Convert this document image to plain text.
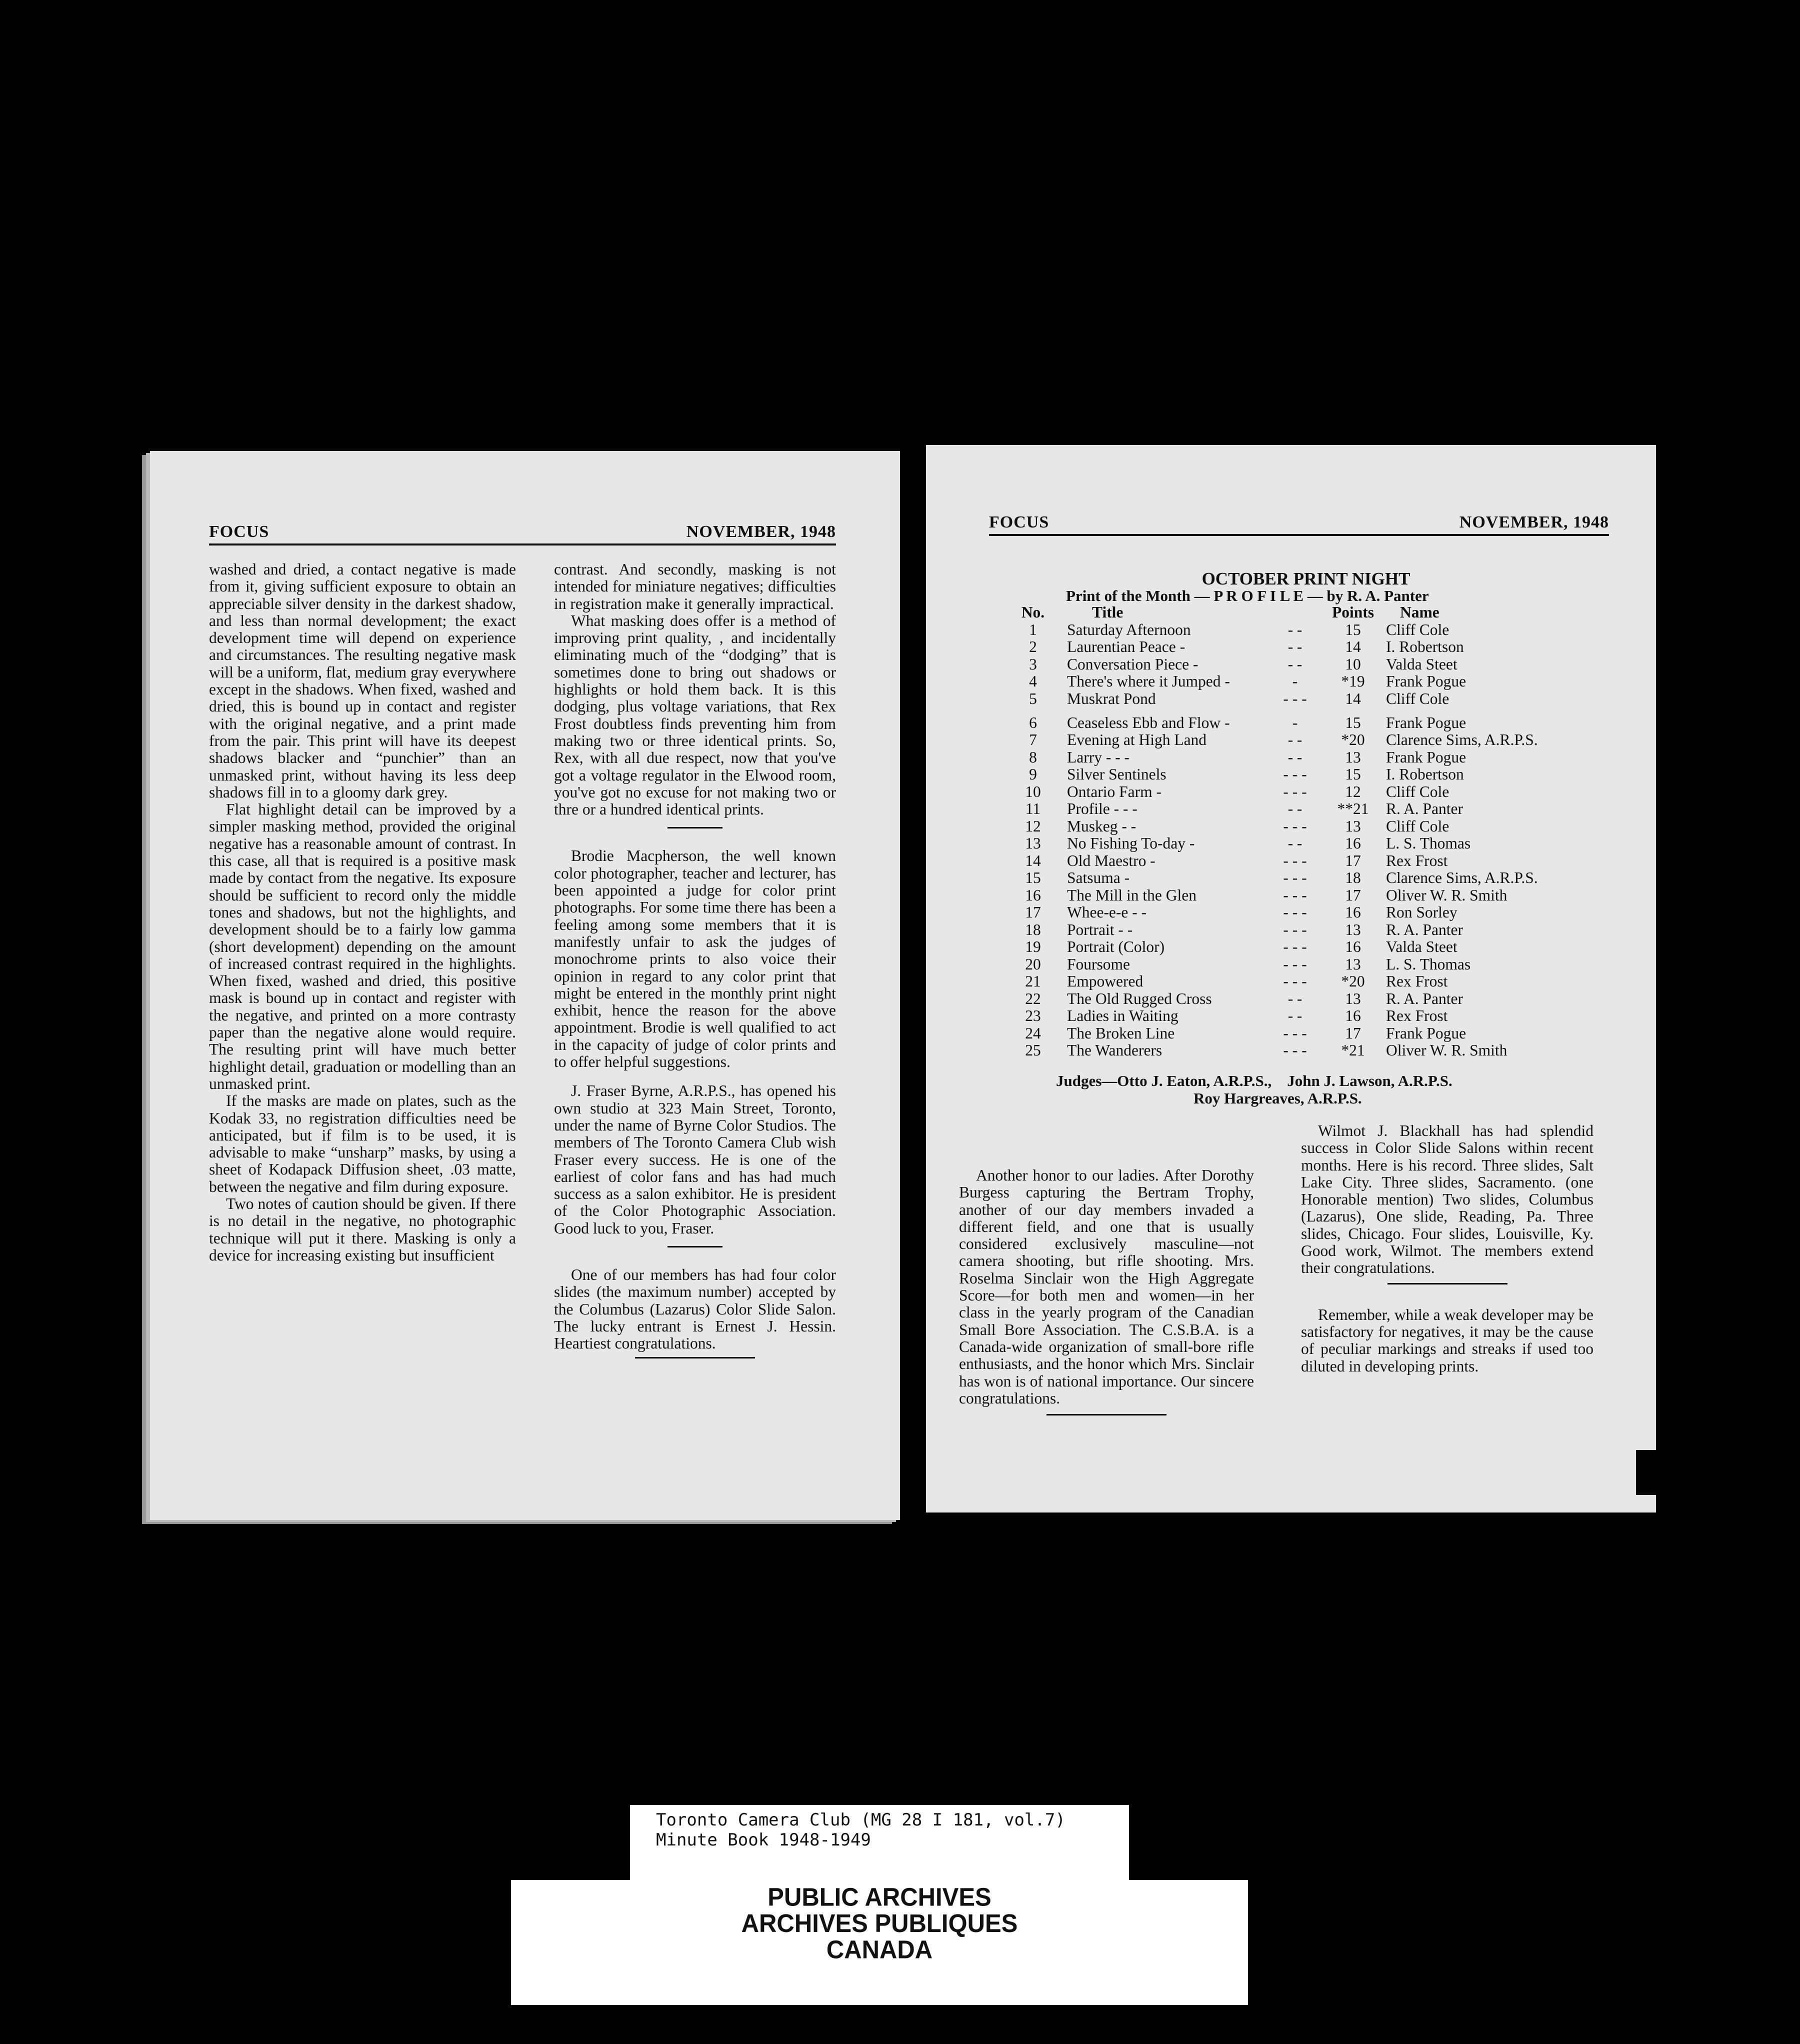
FOCUS	NOVEMBER, 1948

washed and dried, a contact negative is made from it, giving sufficient exposure to obtain an appreciable silver density in the darkest shadow, and less than normal development; the exact development time will depend on experience and circumstances. The resulting negative mask will be a uniform, flat, medium gray everywhere except in the shadows. When fixed, washed and dried, this is bound up in contact and register with the original negative, and a print made from the pair. This print will have its deepest shadows blacker and “punchier” than an unmasked print, without having its less deep shadows fill in to a gloomy dark grey.

Flat highlight detail can be improved by a simpler masking method, provided the original negative has a reasonable amount of contrast. In this case, all that is required is a positive mask made by contact from the negative. Its exposure should be sufficient to record only the middle tones and shadows, but not the highlights, and development should be to a fairly low gamma (short development) depending on the amount of increased contrast required in the highlights. When fixed, washed and dried, this positive mask is bound up in contact and register with the negative, and printed on a more contrasty paper than the negative alone would require. The resulting print will have much better highlight detail, graduation or modelling than an unmasked print.

If the masks are made on plates, such as the Kodak 33, no registration difficulties need be anticipated, but if film is to be used, it is advisable to make “unsharp” masks, by using a sheet of Kodapack Diffusion sheet, .03 matte, between the negative and film during exposure.

Two notes of caution should be given. If there is no detail in the negative, no photographic technique will put it there. Masking is only a device for increasing existing but insufficient

contrast. And secondly, masking is not intended for miniature negatives; difficulties in registration make it generally impractical.

What masking does offer is a method of improving print quality, , and incidentally eliminating much of the “dodging” that is sometimes done to bring out shadows or highlights or hold them back. It is this dodging, plus voltage variations, that Rex Frost doubtless finds preventing him from making two or three identical prints. So, Rex, with all due respect, now that you've got a voltage regulator in the Elwood room, you've got no excuse for not making two or thre or a hundred identical prints.

Brodie Macpherson, the well known color photographer, teacher and lecturer, has been appointed a judge for color print photographs. For some time there has been a feeling among some members that it is manifestly unfair to ask the judges of monochrome prints to also voice their opinion in regard to any color print that might be entered in the monthly print night exhibit, hence the reason for the above appointment. Brodie is well qualified to act in the capacity of judge of color prints and to offer helpful suggestions.

J. Fraser Byrne, A.R.P.S., has opened his own studio at 323 Main Street, Toronto, under the name of Byrne Color Studios. The members of The Toronto Camera Club wish Fraser every success. He is one of the earliest of color fans and has had much success as a salon exhibitor. He is president of the Color Photographic Association. Good luck to you, Fraser.

One of our members has had four color slides (the maximum number) accepted by the Columbus (Lazarus) Color Slide Salon. The lucky entrant is Ernest J. Hessin. Heartiest congratulations.

FOCUS	NOVEMBER, 1948
OCTOBER PRINT NIGHT
Print of the Month — P R O F I L E — by R. A. Panter
No.	Title		Points	Name
1	Saturday Afternoon	- -	15	Cliff Cole
2	Laurentian Peace -	- -	14	I. Robertson
3	Conversation Piece -	- -	10	Valda Steet
4	There's where it Jumped -	-	*19	Frank Pogue
5	Muskrat Pond	- - -	14	Cliff Cole
6	Ceaseless Ebb and Flow -	-	15	Frank Pogue
7	Evening at High Land	- -	*20	Clarence Sims, A.R.P.S.
8	Larry - - -	- -	13	Frank Pogue
9	Silver Sentinels	- - -	15	I. Robertson
10	Ontario Farm -	- - -	12	Cliff Cole
11	Profile - - -	- -	**21	R. A. Panter
12	Muskeg - -	- - -	13	Cliff Cole
13	No Fishing To-day -	- -	16	L. S. Thomas
14	Old Maestro -	- - -	17	Rex Frost
15	Satsuma -	- - -	18	Clarence Sims, A.R.P.S.
16	The Mill in the Glen	- - -	17	Oliver W. R. Smith
17	Whee-e-e - -	- - -	16	Ron Sorley
18	Portrait - -	- - -	13	R. A. Panter
19	Portrait (Color)	- - -	16	Valda Steet
20	Foursome	- - -	13	L. S. Thomas
21	Empowered	- - -	*20	Rex Frost
22	The Old Rugged Cross	- -	13	R. A. Panter
23	Ladies in Waiting	- -	16	Rex Frost
24	The Broken Line	- - -	17	Frank Pogue
25	The Wanderers	- - -	*21	Oliver W. R. Smith
Judges—Otto J. Eaton, A.R.P.S.,    John J. Lawson, A.R.P.S.
Roy Hargreaves, A.R.P.S.

Wilmot J. Blackhall has had splendid success in Color Slide Salons within recent months. Here is his record. Three slides, Salt Lake City. Three slides, Sacramento. (one Honorable mention) Two slides, Columbus (Lazarus), One slide, Reading, Pa. Three slides, Chicago. Four slides, Louisville, Ky. Good work, Wilmot. The members extend their congratulations.

Remember, while a weak developer may be satisfactory for negatives, it may be the cause of peculiar markings and streaks if used too diluted in developing prints.

Another honor to our ladies. After Dorothy Burgess capturing the Bertram Trophy, another of our day members invaded a different field, and one that is usually considered exclusively masculine—not camera shooting, but rifle shooting. Mrs. Roselma Sinclair won the High Aggregate Score—for both men and women—in her class in the yearly program of the Canadian Small Bore Association. The C.S.B.A. is a Canada-wide organization of small-bore rifle enthusiasts, and the honor which Mrs. Sinclair has won is of national importance. Our sincere congratulations.

Toronto Camera Club (MG 28 I 181, vol.7)
Minute Book 1948-1949
PUBLIC ARCHIVES
ARCHIVES PUBLIQUES
CANADA
